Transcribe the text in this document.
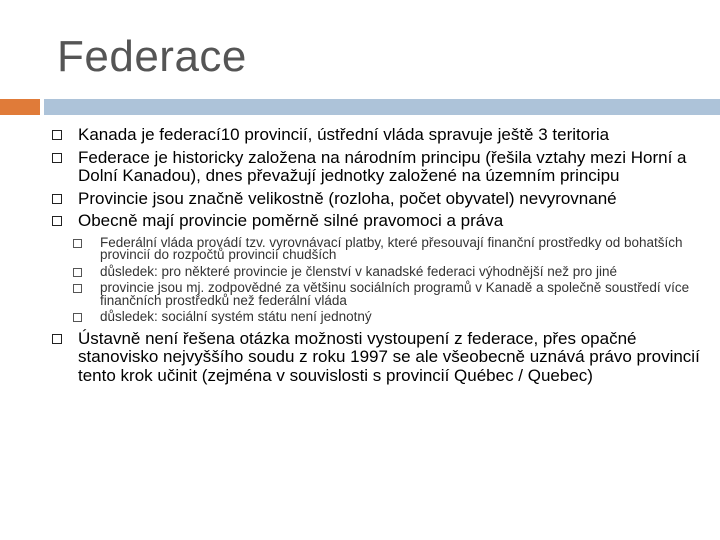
Federace
Kanada je federací10 provincií, ústřední vláda spravuje ještě 3 teritoria
Federace je historicky založena na národním principu (řešila vztahy mezi Horní a Dolní Kanadou), dnes převažují jednotky založené na územním principu
Provincie jsou značně velikostně (rozloha, počet obyvatel) nevyrovnané
Obecně mají provincie poměrně silné pravomoci a práva
Federální vláda provádí tzv. vyrovnávací platby, které přesouvají finanční prostředky od bohatších provincií do rozpočtů provincií chudších
důsledek: pro některé provincie je členství v kanadské federaci výhodnější než pro jiné
provincie jsou mj. zodpovědné za většinu sociálních programů v Kanadě a společně soustředí více finančních prostředků než federální vláda
důsledek: sociální systém státu není jednotný
Ústavně není řešena otázka možnosti vystoupení z federace, přes opačné stanovisko nejvyššího soudu z roku 1997 se ale všeobecně uznává právo provincií tento krok učinit (zejména v souvislosti s provincií Québec / Quebec)
